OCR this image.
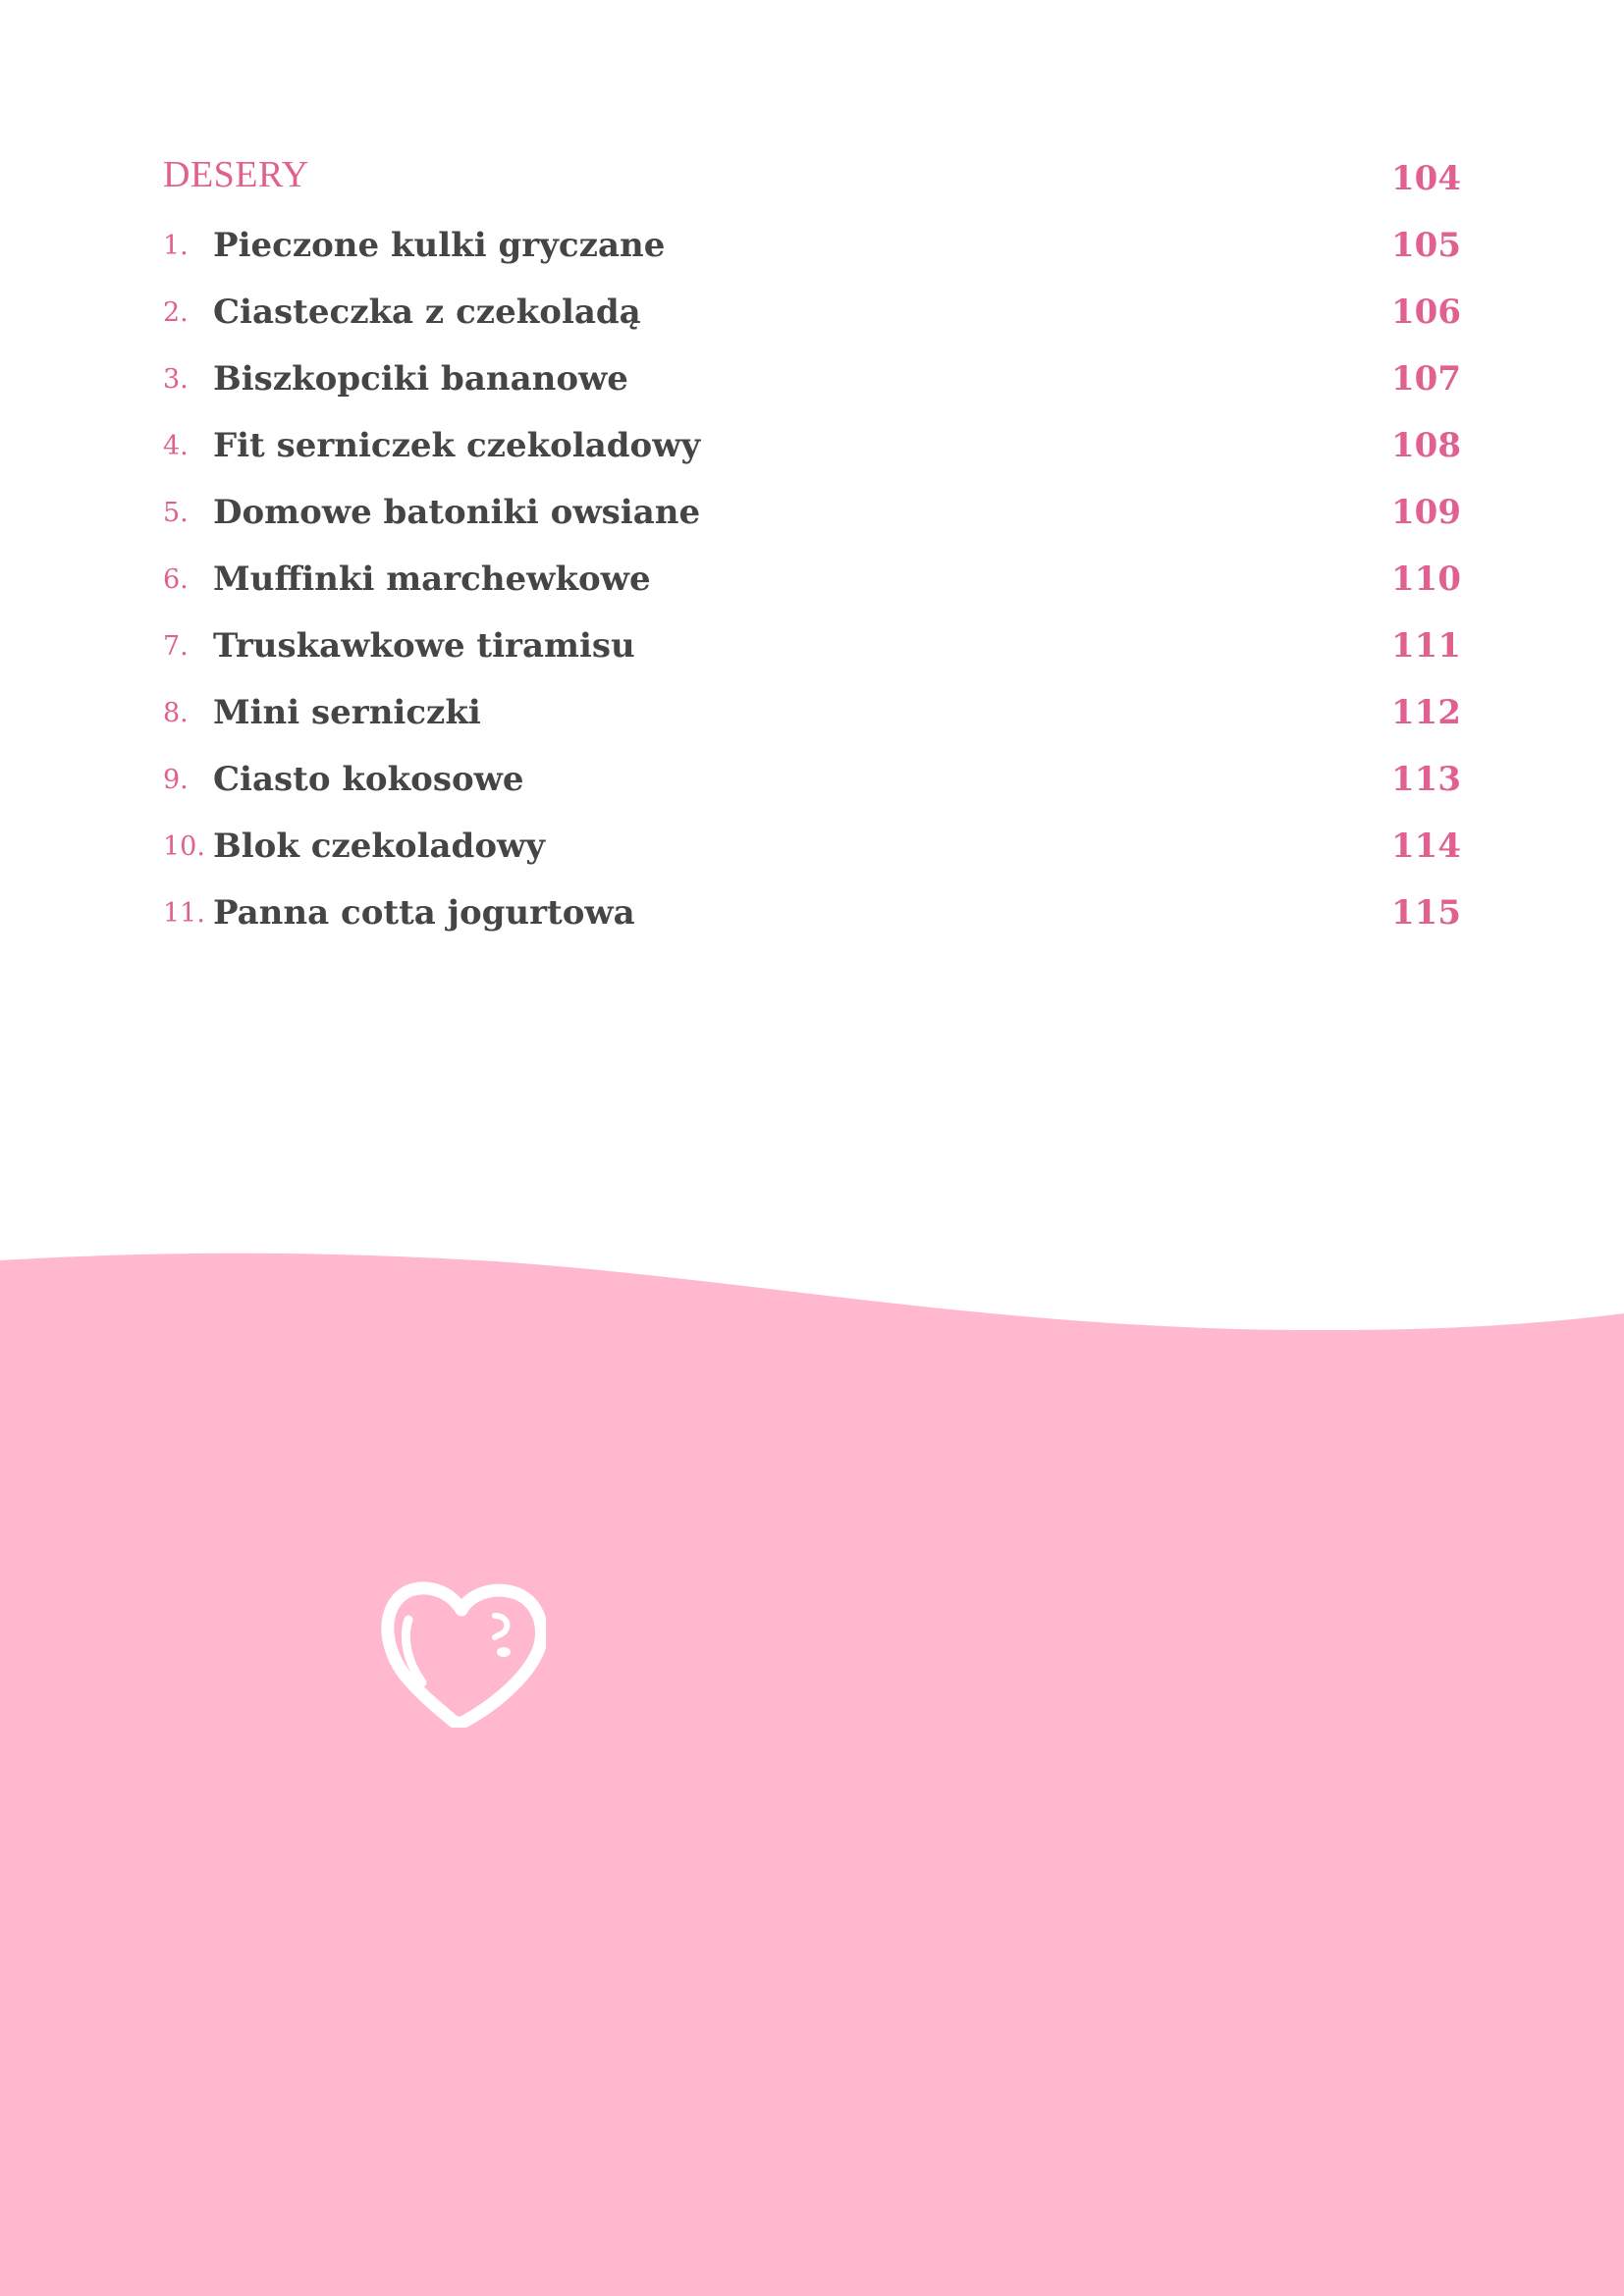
DESERY	104
1. Pieczone kulki gryczane	105
2. Ciasteczka z czekoladą	106
3. Biszkopciki bananowe	107
4. Fit serniczek czekoladowy	108
5. Domowe batoniki owsiane	109
6. Muffinki marchewkowe	110
7. Truskawkowe tiramisu	111
8. Mini serniczki	112
9. Ciasto kokosowe	113
10. Blok czekoladowy	114
11. Panna cotta jogurtowa	115
